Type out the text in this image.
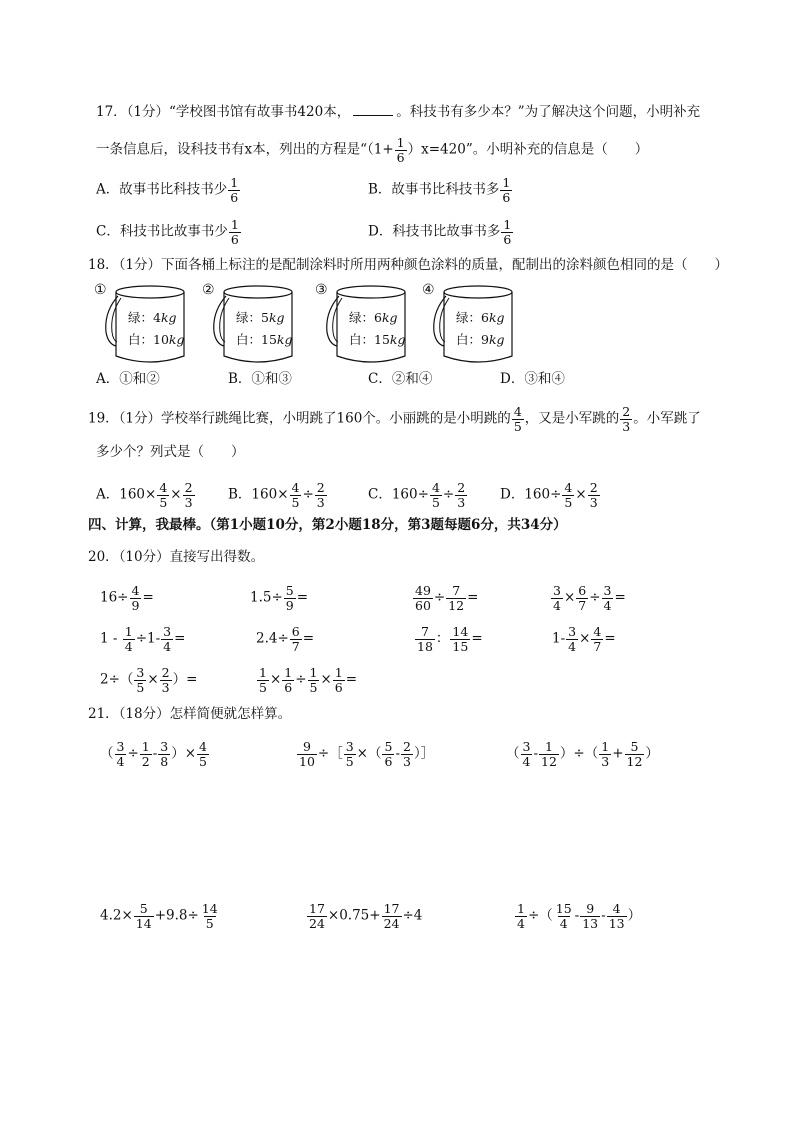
17．（1分）“学校图书馆有故事书420本，	。科技书有多少本？”为了解决这个问题，小明补充
一条信息后，设科技书有x本，列出的方程是“$(1+ \frac{1}{6} )x=420$”。小明补充的信息是（　　）
A．故事书比科技书少 $\frac{1}{6}$	B．故事书比科技书多 $\frac{1}{6}$
C．科技书比故事书少 $\frac{1}{6}$	D．科技书比故事书多 $\frac{1}{6}$
18．（1分）下面各桶上标注的是配制涂料时所用两种颜色涂料的质量，配制出的涂料颜色相同的是（　　）
①
绿：4kg
白：10kg
②
绿：5kg
白：15kg
③
绿：6kg
白：15kg
④
绿：6kg
白：9kg
A．①和②	B．①和③	C．②和④	D．③和④
19．（1分）学校举行跳绳比赛，小明跳了160个。小丽跳的是小明跳的 $\frac{4}{5}$ ，又是小军跳的 $\frac{2}{3}$ 。小军跳了
多少个？列式是（　　）
A．$160\times \frac{4}{5} \times \frac{2}{3}$ B．$160\times \frac{4}{5} \div \frac{2}{3}$	C．$160\div \frac{4}{5} \div \frac{2}{3}$ D．$160\div \frac{4}{5} \times \frac{2}{3}$
四、计算，我最棒。（第1小题10分，第2小题18分，第3题每题6分，共34分）
20．（10分）直接写出得数。
$16\div \frac{4}{9}$ =	$1.5\div \frac{5}{9}$ =	$\frac{49}{60} \div \frac{7}{12}$ =	$\frac{3}{4} \times \frac{6}{7} \div \frac{3}{4}$ =
$1 - \frac{1}{4} \div 1- \frac{3}{4}$ =	$2.4\div \frac{6}{7}$ =	$\frac{7}{18}$ ： $\frac{14}{15}$ =	$1- \frac{3}{4} \times \frac{4}{7}$ =
$2\div( \frac{3}{5} \times \frac{2}{3}$ ）=	$\frac{1}{5} \times \frac{1}{6} \div \frac{1}{5} \times \frac{1}{6}$ =
21．（18分）怎样简便就怎样算。
（ $\frac{3}{4} \div \frac{1}{2} - \frac{3}{8}$ ）× $\frac{4}{5}$	$\frac{9}{10}$ ÷［ $\frac{3}{5}$ ×（ $\frac{5}{6} - \frac{2}{3}$ ）］	（ $\frac{3}{4} - \frac{1}{12}$ ）÷（ $\frac{1}{3} + \frac{5}{12}$ ）
$4.2\times \frac{5}{14} +9.8\div \frac{14}{5}$	$\frac{17}{24} \times 0.75+ \frac{17}{24} \div 4$	$\frac{1}{4}$ ÷（ $\frac{15}{4} - \frac{9}{13} - \frac{4}{13}$ ）
